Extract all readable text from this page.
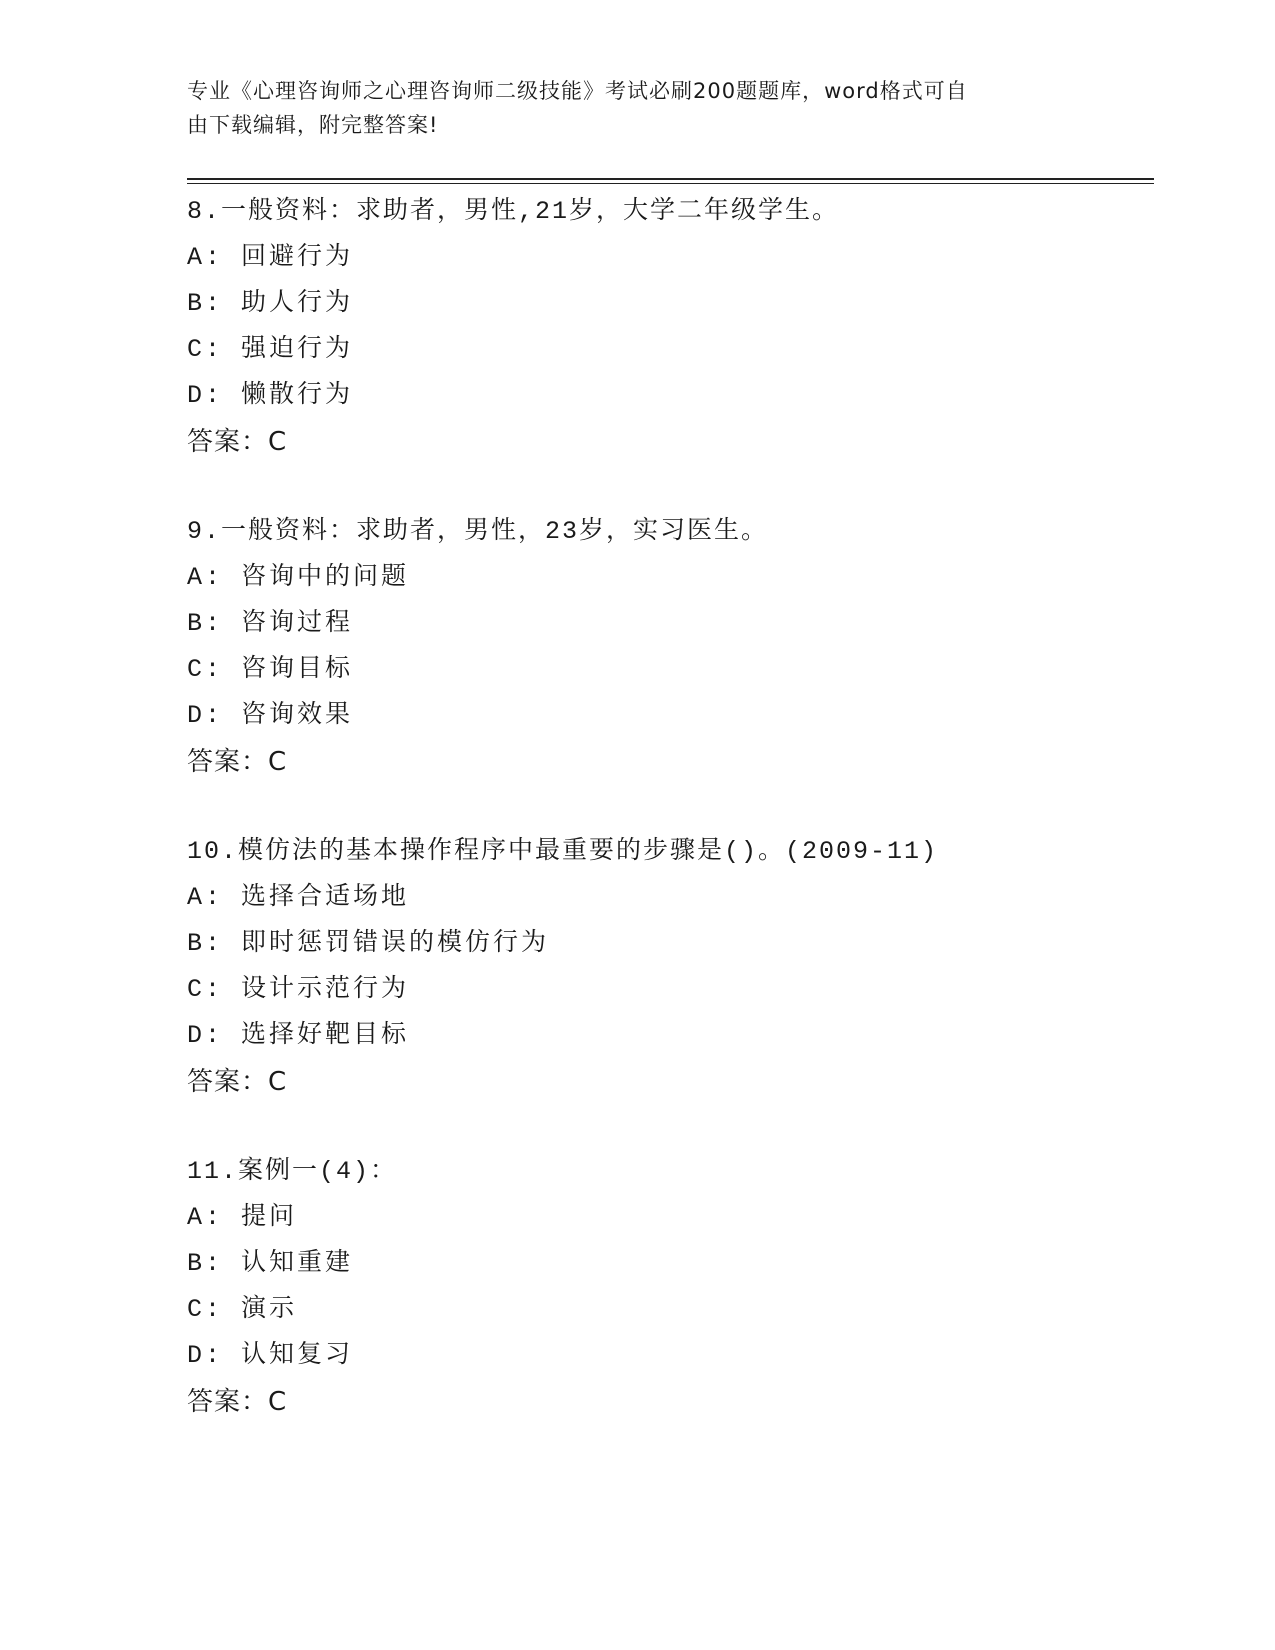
专业《心理咨询师之心理咨询师二级技能》考试必刷200题题库，word格式可自
由下载编辑，附完整答案!
8.一般资料：求助者，男性,21岁，大学二年级学生。
A: 回避行为
B: 助人行为
C: 强迫行为
D: 懒散行为
答案：C
9.一般资料：求助者，男性，23岁，实习医生。
A: 咨询中的问题
B: 咨询过程
C: 咨询目标
D: 咨询效果
答案：C
10.模仿法的基本操作程序中最重要的步骤是()。(2009-11)
A: 选择合适场地
B: 即时惩罚错误的模仿行为
C: 设计示范行为
D: 选择好靶目标
答案：C
11.案例一(4)：
A: 提问
B: 认知重建
C: 演示
D: 认知复习
答案：C
